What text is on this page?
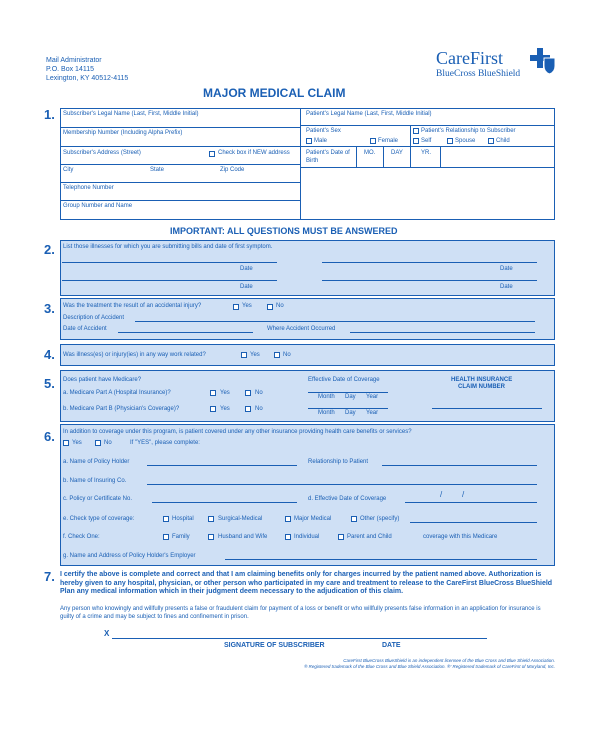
Mail Administrator
P.O. Box 14115
Lexington, KY 40512-4115
CareFirst
BlueCross BlueShield
MAJOR MEDICAL CLAIM
1. Subscriber's Legal Name (Last, First, Middle Initial)
Membership Number (Including Alpha Prefix)
Subscriber's Address (Street)	Check box if NEW address
City	State	Zip Code
Telephone Number
Group Number and Name
Patient's Legal Name (Last, First, Middle Initial)
Patient's Sex
Male	Female
Patient's Relationship to Subscriber
Self	Spouse	Child
Patient's Date of Birth
MO.	DAY	YR.
IMPORTANT: ALL QUESTIONS MUST BE ANSWERED
2. List those illnesses for which you are submitting bills and date of first symptom.
Date	Date
Date	Date
3. Was the treatment the result of an accidental injury?	Yes	No
Description of Accident
Date of Accident	Where Accident Occurred
4. Was illness(es) or injury(ies) in any way work related?	Yes	No
5. Does patient have Medicare?
a. Medicare Part A (Hospital Insurance)?	Yes	No
b. Medicare Part B (Physician's Coverage)?	Yes	No
Effective Date of Coverage
Month Day Year
Month Day Year
HEALTH INSURANCE
CLAIM NUMBER
6. In addition to coverage under this program, is patient covered under any other insurance providing health care benefits or services?
Yes	No	If "YES", please complete:
a. Name of Policy Holder	Relationship to Patient
b. Name of Insuring Co.
c. Policy or Certificate No.	d. Effective Date of Coverage	/ /
e. Check type of coverage:	Hospital	Surgical-Medical	Major Medical	Other (specify)
f. Check One:	Family	Husband and Wife	Individual	Parent and Child	coverage with this Medicare
g. Name and Address of Policy Holder's Employer
7. I certify the above is complete and correct and that I am claiming benefits only for charges incurred by the patient named above. Authorization is hereby given to any hospital, physician, or other person who participated in my care and treatment to release to the CareFirst BlueCross BlueShield Plan any medical information which in their judgment deem necessary to the adjudication of this claim.
Any person who knowingly and willfully presents a false or fraudulent claim for payment of a loss or benefit or who willfully presents false information in an application for insurance is guilty of a crime and may be subject to fines and confinement in prison.
X
SIGNATURE OF SUBSCRIBER	DATE
CareFirst BlueCross BlueShield is an independent licensee of the Blue Cross and Blue Shield Association.
® Registered trademark of the Blue Cross and Blue Shield Association. ®' Registered trademark of CareFirst of Maryland, Inc.
